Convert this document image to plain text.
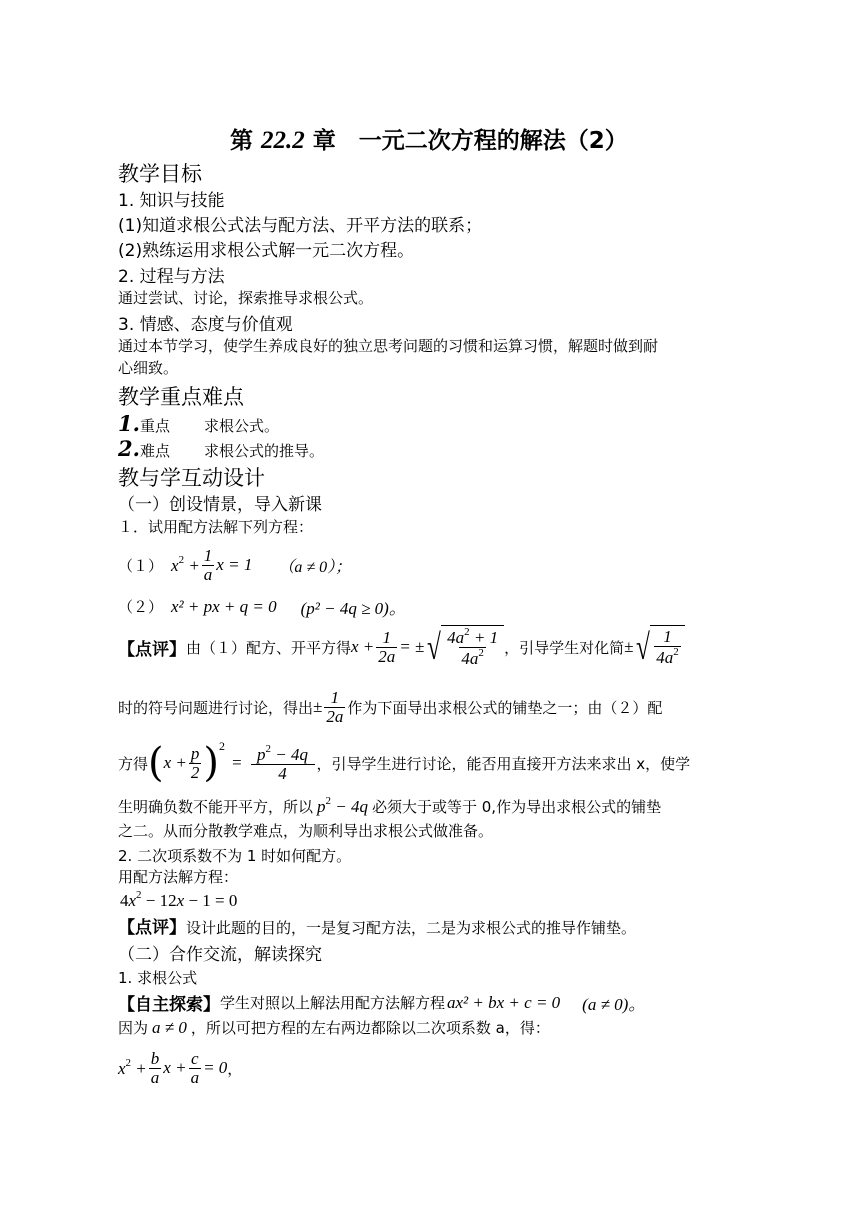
第 22.2 章　一元二次方程的解法（2）
教学目标
1. 知识与技能
(1)知道求根公式法与配方法、开平方法的联系；
(2)熟练运用求根公式解一元二次方程。
2. 过程与方法
通过尝试、讨论，探索推导求根公式。
3. 情感、态度与价值观
通过本节学习，使学生养成良好的独立思考问题的习惯和运算习惯，解题时做到耐
心细致。
教学重点难点
1.重点 求根公式。
2.难点 求根公式的推导。
教与学互动设计
（一）创设情景，导入新课
１．试用配方法解下列方程：
（１） $x^2 + \frac{1}{a}$ x = 1 （a ≠ 0）；
（２） x² + px + q = 0 (p² − 4q ≥ 0)。
【点评】 由（１）配方、开平方得 $x + \frac{1}{2a}$ = ± √ $\frac{4a^2 + 1}{4a^2}$ ，引导学生对化简 ± √ $\frac{1}{4a^2}$
时的符号问题进行讨论，得出 ± $\frac{1}{2a}$ 作为下面导出求根公式的铺垫之一；由（２）配
方得 ( $x + \frac{p}{2}$ ) 2
= $\frac{p^2 - 4q}{4}$ ，引导学生进行讨论，能否用直接开方法来求出 x，使学
生明确负数不能开平方，所以 $p^2 - 4q$ 必须大于或等于 0,作为导出求根公式的铺垫
之二。从而分散教学难点，为顺利导出求根公式做准备。
2. 二次项系数不为 1 时如何配方。
用配方法解方程：
$4x^2 - 12x - 1 = 0$
【点评】设计此题的目的，一是复习配方法，二是为求根公式的推导作铺垫。
（二）合作交流，解读探究
1. 求根公式
【自主探索】 学生对照以上解法用配方法解方程 ax² + bx + c = 0 (a ≠ 0)。
因为 a ≠ 0 ，所以可把方程的左右两边都除以二次项系数 a，得：
$x^2 + \frac{b}{a}$ $x + \frac{c}{a} = 0$ ，
